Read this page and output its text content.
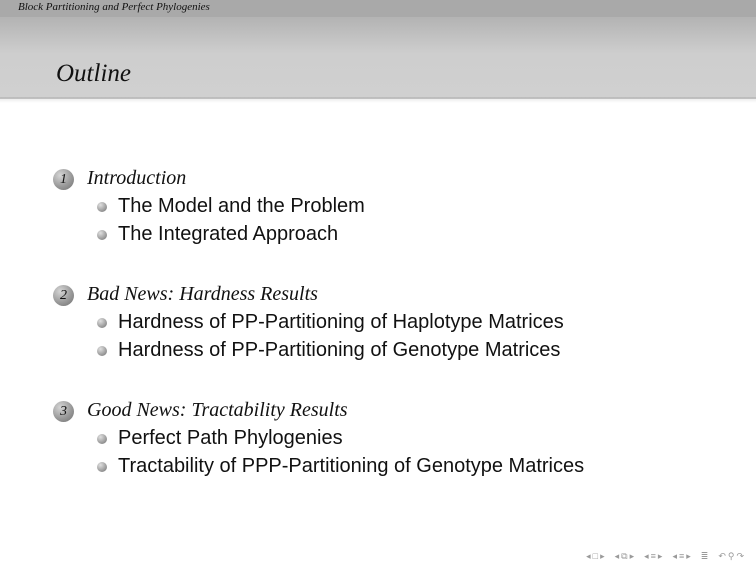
Block Partitioning and Perfect Phylogenies
Outline
1	Introduction
The Model and the Problem
The Integrated Approach
2	Bad News: Hardness Results
Hardness of PP-Partitioning of Haplotype Matrices
Hardness of PP-Partitioning of Genotype Matrices
3	Good News: Tractability Results
Perfect Path Phylogenies
Tractability of PPP-Partitioning of Genotype Matrices
◂ □ ▸ ◂ ⧉ ▸ ◂ ≡ ▸ ◂ ≡ ▸ ≣ ↶ ⚲ ↷
